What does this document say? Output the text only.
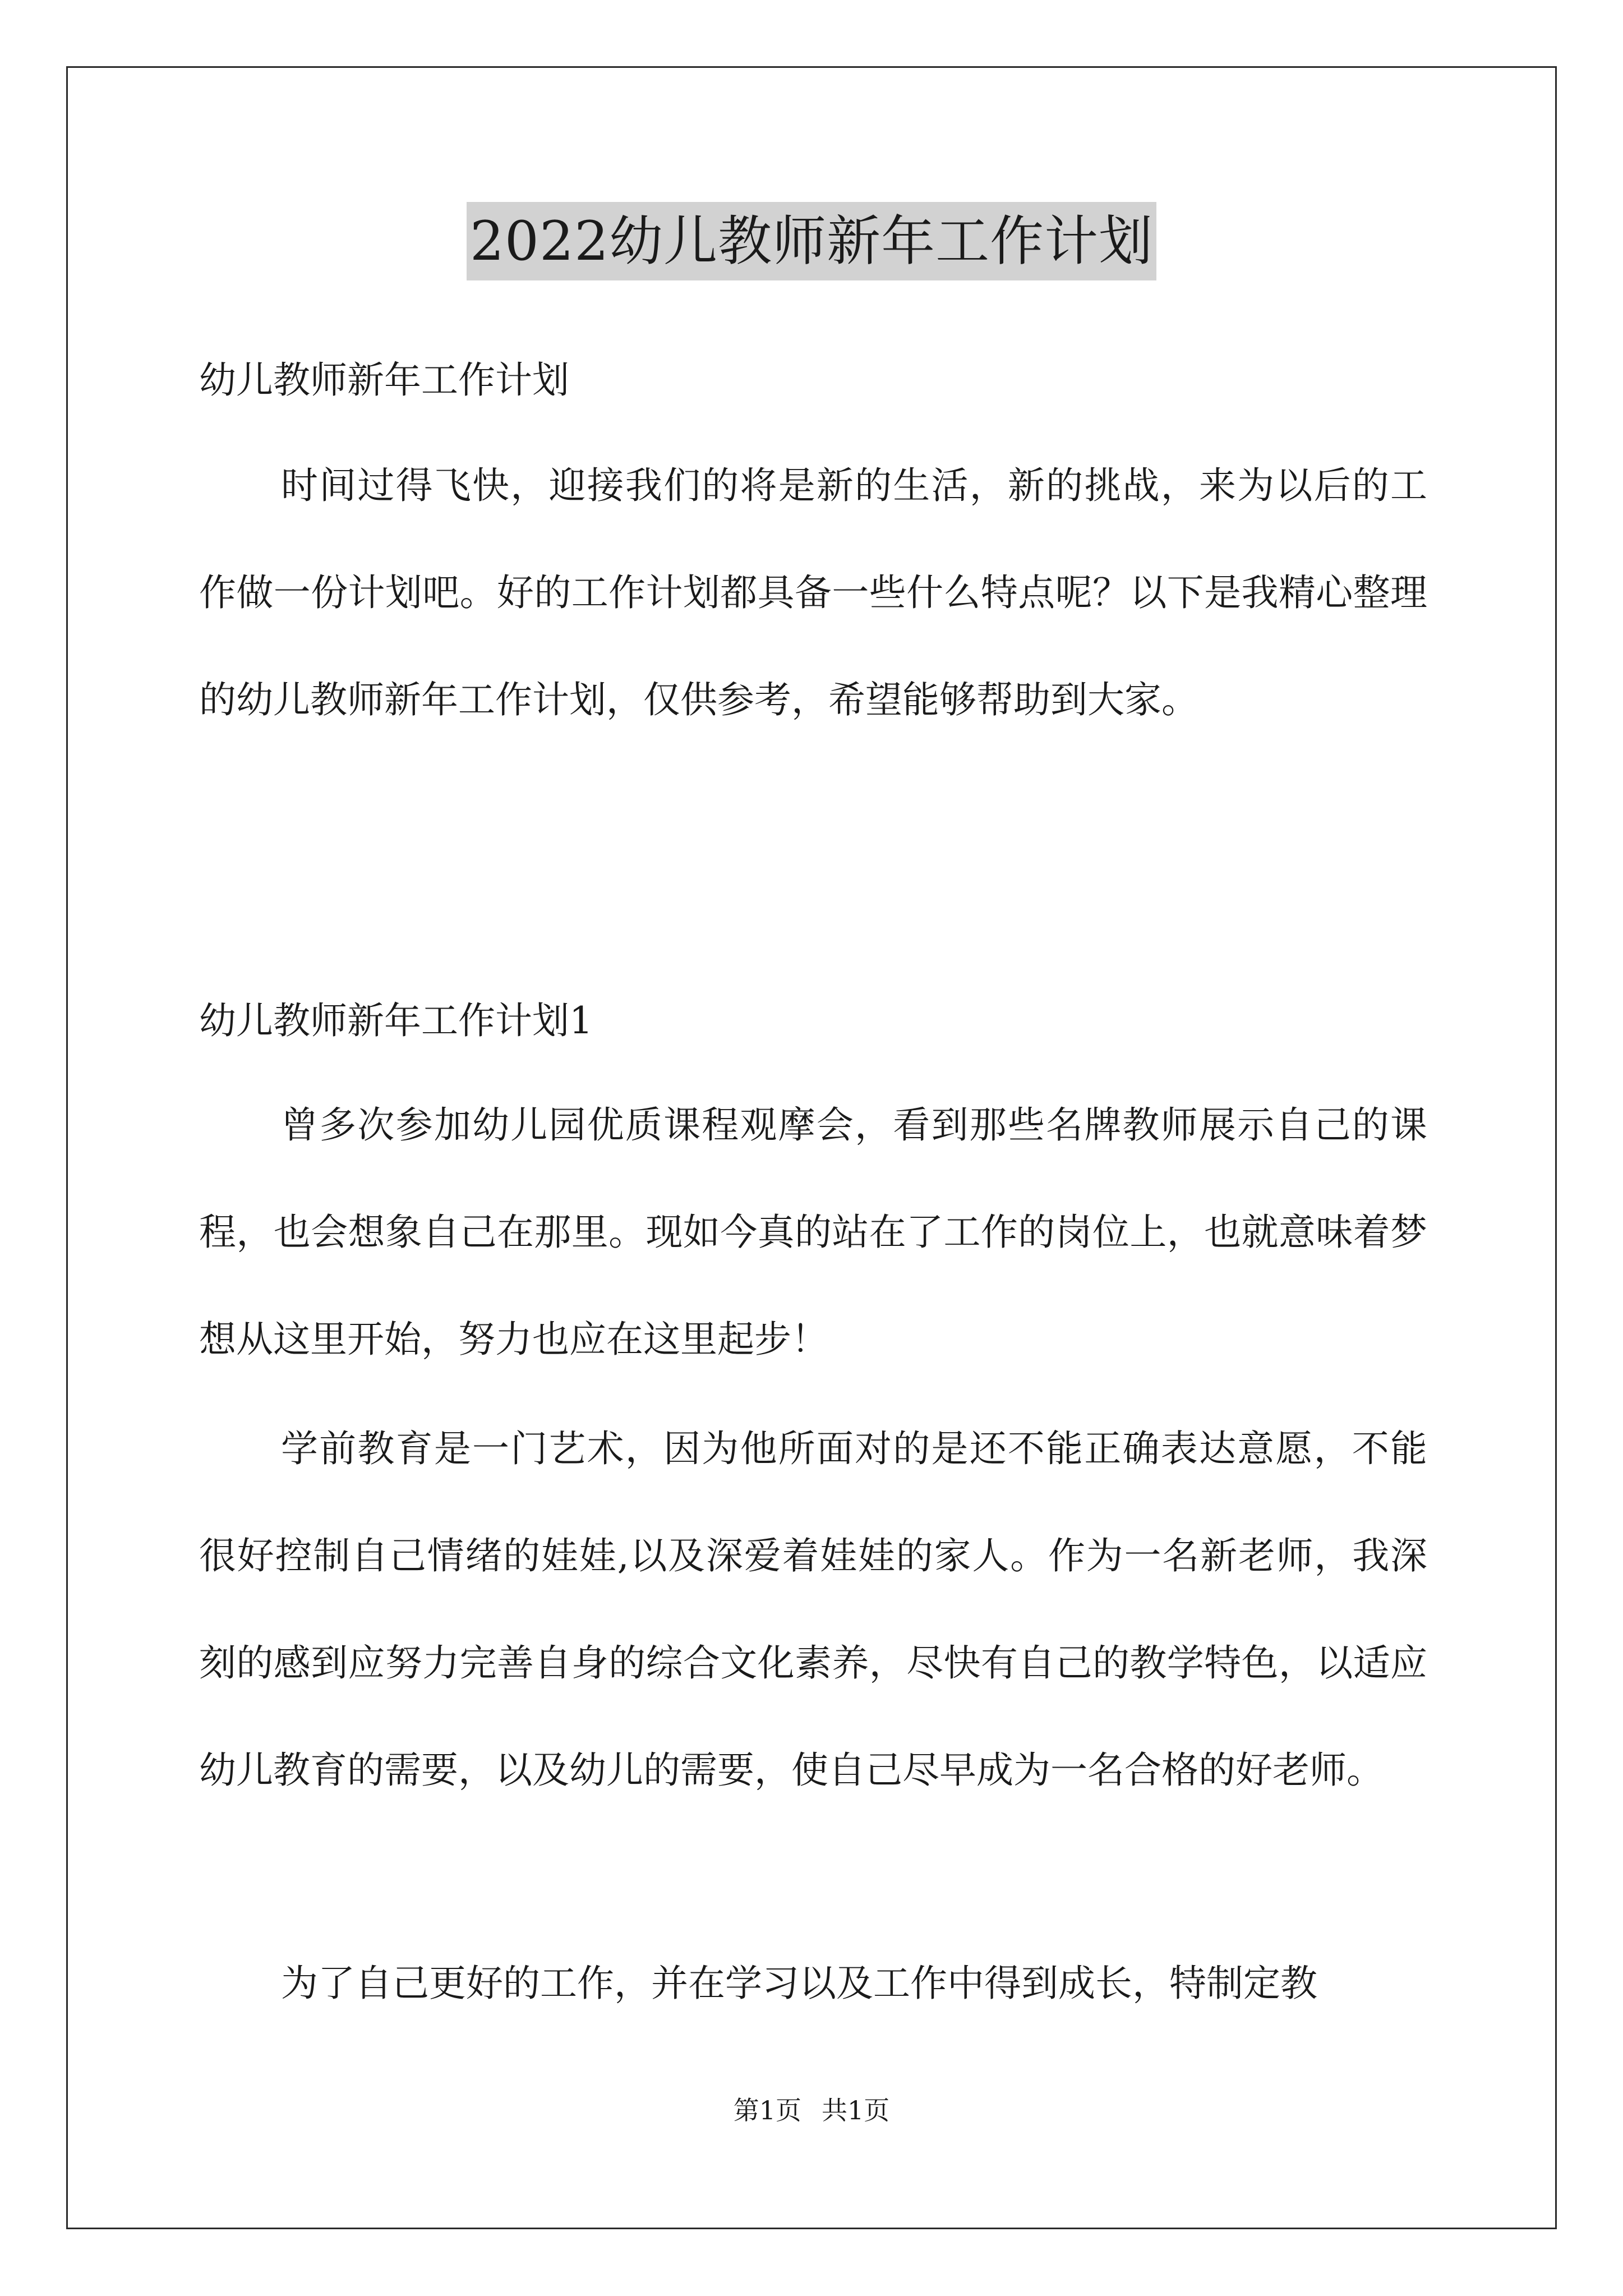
2022幼儿教师新年工作计划
幼儿教师新年工作计划

时间过得飞快，迎接我们的将是新的生活，新的挑战，来为以后的工作做一份计划吧。好的工作计划都具备一些什么特点呢？以下是我精心整理的幼儿教师新年工作计划，仅供参考，希望能够帮助到大家。

幼儿教师新年工作计划1

曾多次参加幼儿园优质课程观摩会，看到那些名牌教师展示自己的课程，也会想象自己在那里。现如今真的站在了工作的岗位上，也就意味着梦想从这里开始，努力也应在这里起步！

学前教育是一门艺术，因为他所面对的是还不能正确表达意愿，不能很好控制自己情绪的娃娃,以及深爱着娃娃的家人。作为一名新老师，我深刻的感到应努力完善自身的综合文化素养，尽快有自己的教学特色，以适应幼儿教育的需要，以及幼儿的需要，使自己尽早成为一名合格的好老师。

为了自己更好的工作，并在学习以及工作中得到成长，特制定教

第1页 共1页
